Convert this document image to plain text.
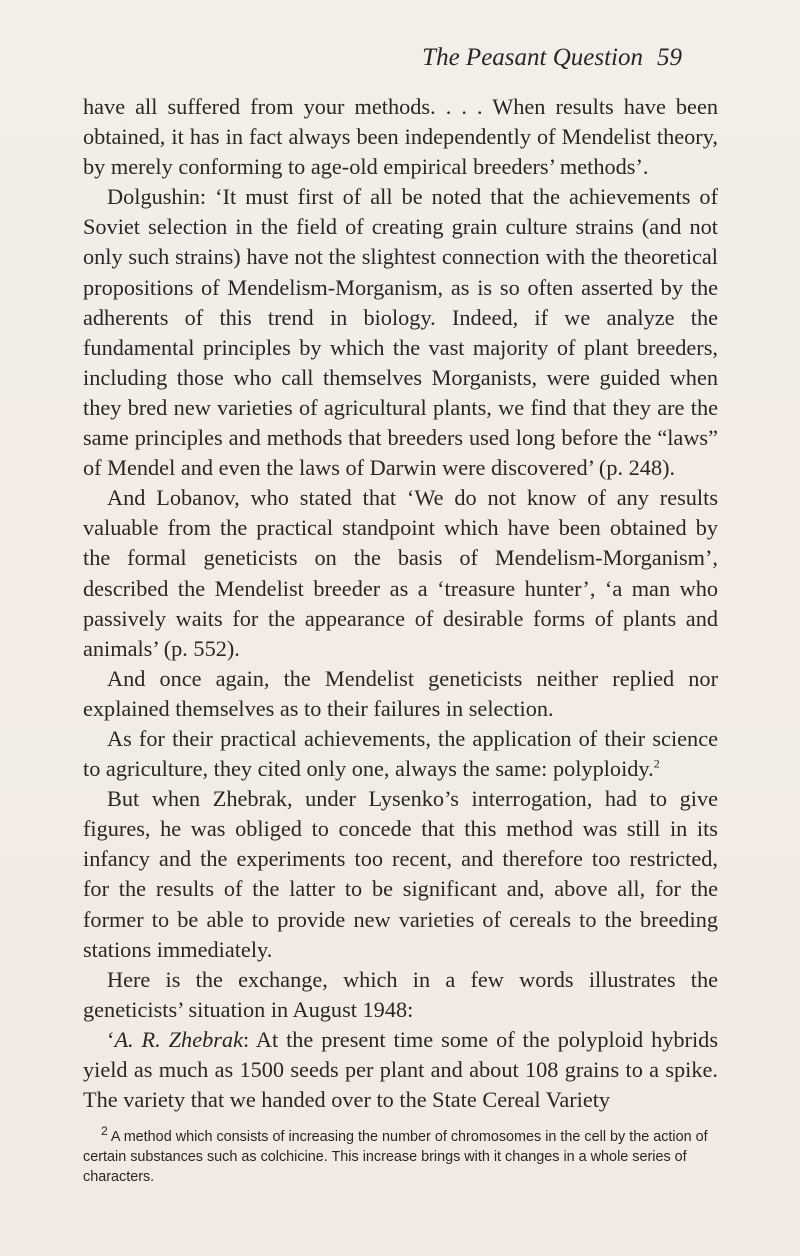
The Peasant Question 59

have all suffered from your methods. . . . When results have been obtained, it has in fact always been independently of Mendelist theory, by merely conforming to age-old empirical breeders’ methods’.

Dolgushin: ‘It must first of all be noted that the achievements of Soviet selection in the field of creating grain culture strains (and not only such strains) have not the slightest connection with the theoretical propositions of Mendelism-Morganism, as is so often asserted by the adherents of this trend in biology. Indeed, if we analyze the fundamental principles by which the vast majority of plant breeders, including those who call themselves Morganists, were guided when they bred new varieties of agricultural plants, we find that they are the same principles and methods that breeders used long before the “laws” of Mendel and even the laws of Darwin were discovered’ (p. 248).

And Lobanov, who stated that ‘We do not know of any results valuable from the practical standpoint which have been obtained by the formal geneticists on the basis of Mendelism-Morganism’, described the Mendelist breeder as a ‘treasure hunter’, ‘a man who passively waits for the appearance of desirable forms of plants and animals’ (p. 552).

And once again, the Mendelist geneticists neither replied nor explained themselves as to their failures in selection.

As for their practical achievements, the application of their science to agriculture, they cited only one, always the same: polyploidy.$^2$

But when Zhebrak, under Lysenko’s interrogation, had to give figures, he was obliged to concede that this method was still in its infancy and the experiments too recent, and therefore too restricted, for the results of the latter to be significant and, above all, for the former to be able to provide new varieties of cereals to the breeding stations immediately.

Here is the exchange, which in a few words illustrates the geneticists’ situation in August 1948:

‘A. R. Zhebrak: At the present time some of the polyploid hybrids yield as much as 1500 seeds per plant and about 108 grains to a spike. The variety that we handed over to the State Cereal Variety

$^2$ A method which consists of increasing the number of chromosomes in the cell by the action of certain substances such as colchicine. This increase brings with it changes in a whole series of characters.
